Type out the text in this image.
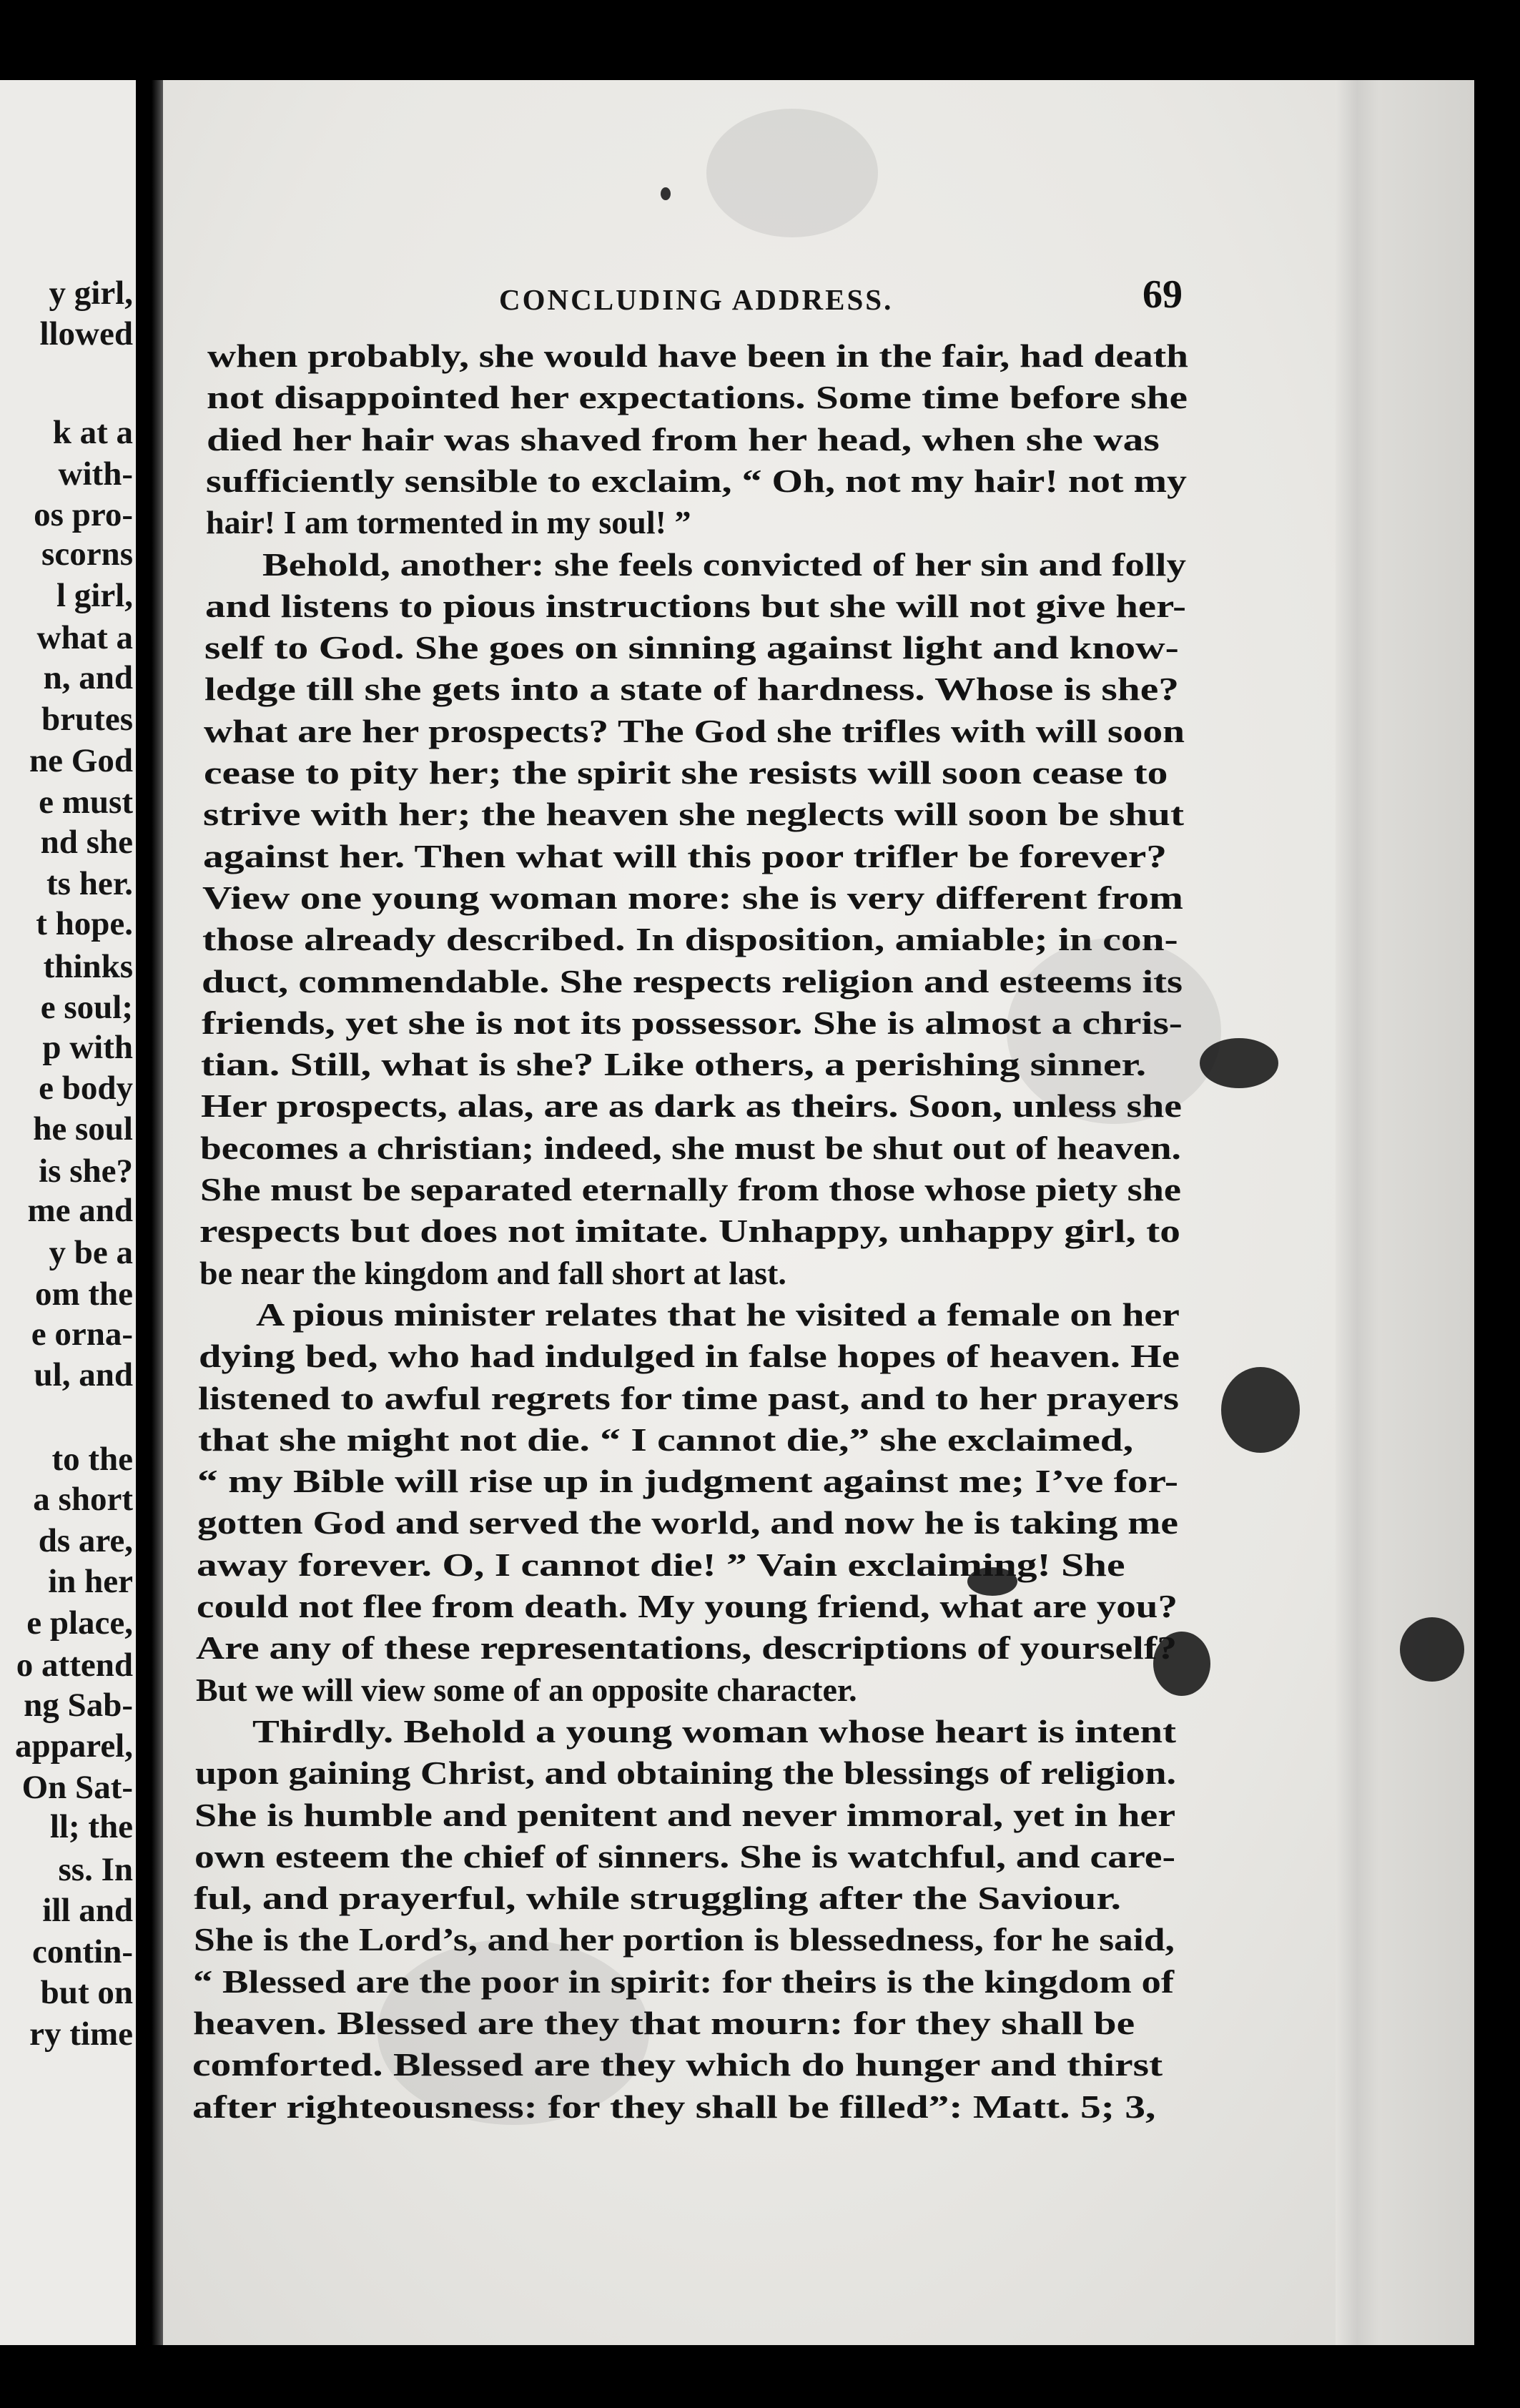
y girl,

llowed

k at a

with-

os pro-

scorns

l girl,

what a

n, and

brutes

ne God

e must

nd she

ts her.

t hope.

thinks

e soul;

p with

e body

he soul

is she?

me and

y be a

om the

e orna-

ul, and

to the

a short

ds are,

in her

e place,

o attend

ng Sab-

apparel,

On Sat-

ll; the

ss. In

ill and

contin-

but on

ry time

CONCLUDING ADDRESS.	69

when probably, she would have been in the fair, had death

not disappointed her expectations. Some time before she

died her hair was shaved from her head, when she was

sufficiently sensible to exclaim, “ Oh, not my hair! not my

hair! I am tormented in my soul! ”

Behold, another: she feels convicted of her sin and folly

and listens to pious instructions but she will not give her-

self to God. She goes on sinning against light and know-

ledge till she gets into a state of hardness. Whose is she?

what are her prospects? The God she trifles with will soon

cease to pity her; the spirit she resists will soon cease to

strive with her; the heaven she neglects will soon be shut

against her. Then what will this poor trifler be forever?

View one young woman more: she is very different from

those already described. In disposition, amiable; in con-

duct, commendable. She respects religion and esteems its

friends, yet she is not its possessor. She is almost a chris-

tian. Still, what is she? Like others, a perishing sinner.

Her prospects, alas, are as dark as theirs. Soon, unless she

becomes a christian; indeed, she must be shut out of heaven.

She must be separated eternally from those whose piety she

respects but does not imitate. Unhappy, unhappy girl, to

be near the kingdom and fall short at last.

A pious minister relates that he visited a female on her

dying bed, who had indulged in false hopes of heaven. He

listened to awful regrets for time past, and to her prayers

that she might not die. “ I cannot die,” she exclaimed,

“ my Bible will rise up in judgment against me; I’ve for-

gotten God and served the world, and now he is taking me

away forever. O, I cannot die! ” Vain exclaiming! She

could not flee from death. My young friend, what are you?

Are any of these representations, descriptions of yourself?

But we will view some of an opposite character.

Thirdly. Behold a young woman whose heart is intent

upon gaining Christ, and obtaining the blessings of religion.

She is humble and penitent and never immoral, yet in her

own esteem the chief of sinners. She is watchful, and care-

ful, and prayerful, while struggling after the Saviour.

She is the Lord’s, and her portion is blessedness, for he said,

“ Blessed are the poor in spirit: for theirs is the kingdom of

heaven. Blessed are they that mourn: for they shall be

comforted. Blessed are they which do hunger and thirst

after righteousness: for they shall be filled”: Matt. 5; 3,
